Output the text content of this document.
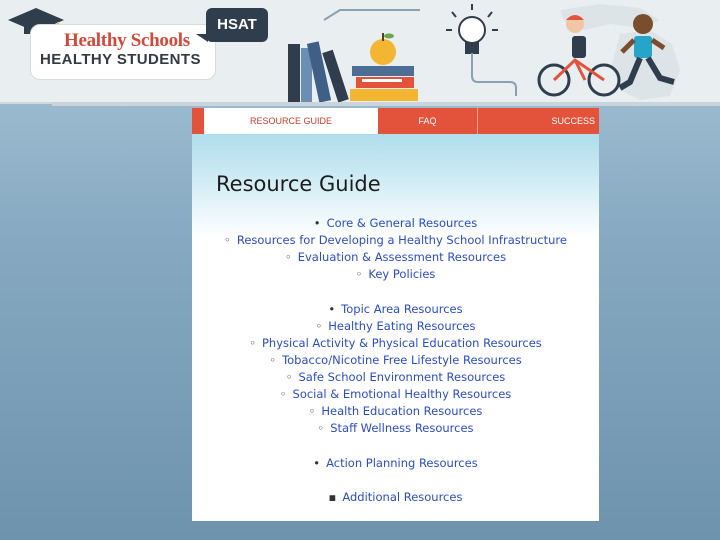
Healthy Schools
HEALTHY STUDENTS
HSAT
RESOURCE GUIDE	FAQ	SUCCESS
Resource Guide
• Core & General Resources
◦ Resources for Developing a Healthy School Infrastructure
◦ Evaluation & Assessment Resources
◦ Key Policies
• Topic Area Resources
◦ Healthy Eating Resources
◦ Physical Activity & Physical Education Resources
◦ Tobacco/Nicotine Free Lifestyle Resources
◦ Safe School Environment Resources
◦ Social & Emotional Healthy Resources
◦ Health Education Resources
◦ Staff Wellness Resources
• Action Planning Resources
▪ Additional Resources
